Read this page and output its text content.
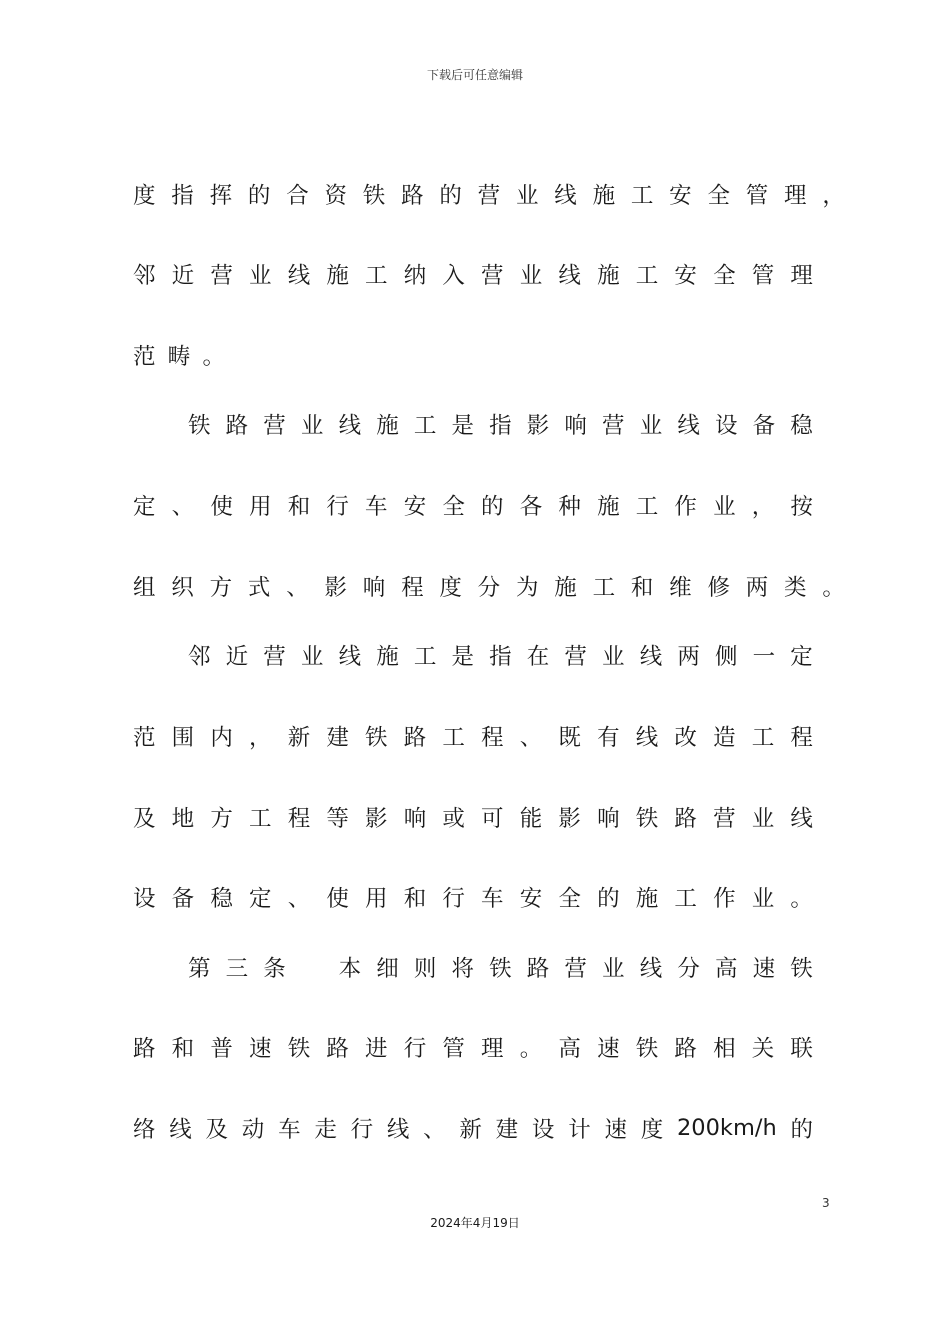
下载后可任意编辑
度 指 挥 的 合 资 铁 路 的 营 业 线 施 工 安 全 管 理 ，
邻 近 营 业 线 施 工 纳 入 营 业 线 施 工 安 全 管 理
范 畴 。
铁 路 营 业 线 施 工 是 指 影 响 营 业 线 设 备 稳
定 、 使 用 和 行 车 安 全 的 各 种 施 工 作 业 ， 按
组 织 方 式 、 影 响 程 度 分 为 施 工 和 维 修 两 类 。
邻 近 营 业 线 施 工 是 指 在 营 业 线 两 侧 一 定
范 围 内 ， 新 建 铁 路 工 程 、 既 有 线 改 造 工 程
及 地 方 工 程 等 影 响 或 可 能 影 响 铁 路 营 业 线
设 备 稳 定 、 使 用 和 行 车 安 全 的 施 工 作 业 。
第 三 条
　 本 细 则 将 铁 路 营 业 线 分 高 速 铁
路 和 普 速 铁 路 进 行 管 理 。 高 速 铁 路 相 关 联
络 线 及 动 车 走 行 线 、 新 建 设 计 速 度 200km/h 的
3
2024年4月19日
